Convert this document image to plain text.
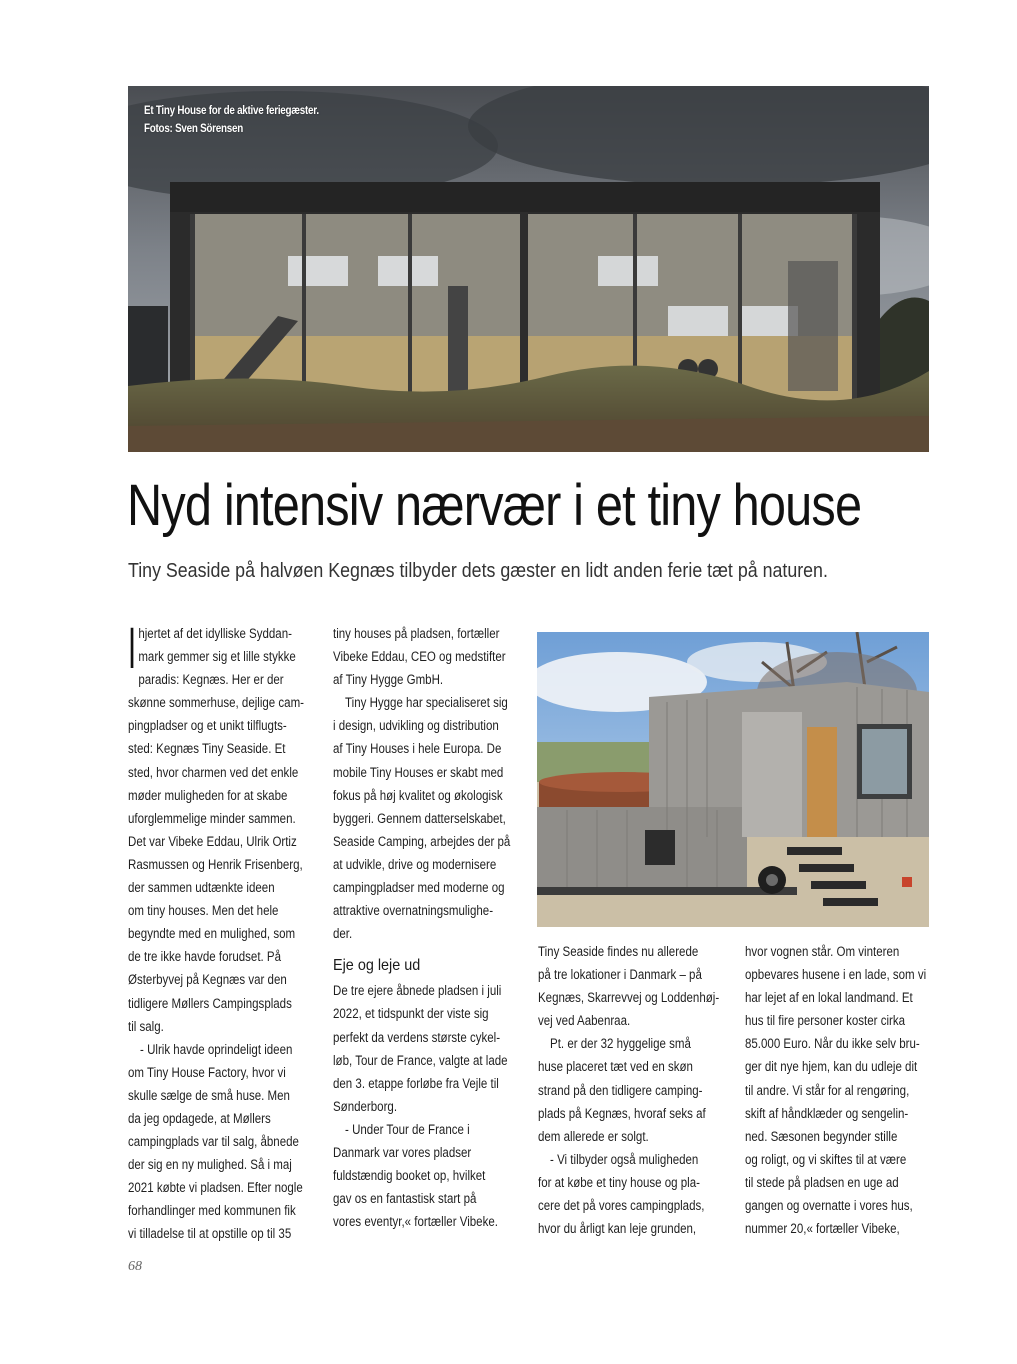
Et Tiny House for de aktive feriegæster.
Fotos: Sven Sörensen
Nyd intensiv nærvær i et tiny house

Tiny Seaside på halvøen Kegnæs tilbyder dets gæster en lidt anden ferie tæt på naturen.

I hjertet af det idylliske Syddan-
mark gemmer sig et lille stykke
paradis: Kegnæs. Her er der
skønne sommerhuse, dejlige cam-
pingpladser og et unikt tilflugts-
sted: Kegnæs Tiny Seaside. Et
sted, hvor charmen ved det enkle
møder muligheden for at skabe
uforglemmelige minder sammen.
Det var Vibeke Eddau, Ulrik Ortiz
Rasmussen og Henrik Frisenberg,
der sammen udtænkte ideen
om tiny houses. Men det hele
begyndte med en mulighed, som
de tre ikke havde forudset. På
Østerbyvej på Kegnæs var den
tidligere Møllers Campingsplads
til salg.
- Ulrik havde oprindeligt ideen
om Tiny House Factory, hvor vi
skulle sælge de små huse. Men
da jeg opdagede, at Møllers
campingplads var til salg, åbnede
der sig en ny mulighed. Så i maj
2021 købte vi pladsen. Efter nogle
forhandlinger med kommunen fik
vi tilladelse til at opstille op til 35
tiny houses på pladsen, fortæller
Vibeke Eddau, CEO og medstifter
af Tiny Hygge GmbH.
Tiny Hygge har specialiseret sig
i design, udvikling og distribution
af Tiny Houses i hele Europa. De
mobile Tiny Houses er skabt med
fokus på høj kvalitet og økologisk
byggeri. Gennem datterselskabet,
Seaside Camping, arbejdes der på
at udvikle, drive og modernisere
campingpladser med moderne og
attraktive overnatningsmulighe-
der.
Eje og leje ud
De tre ejere åbnede pladsen i juli
2022, et tidspunkt der viste sig
perfekt da verdens største cykel-
løb, Tour de France, valgte at lade
den 3. etappe forløbe fra Vejle til
Sønderborg.
- Under Tour de France i
Danmark var vores pladser
fuldstændig booket op, hvilket
gav os en fantastisk start på
vores eventyr,« fortæller Vibeke.
Tiny Seaside findes nu allerede
på tre lokationer i Danmark – på
Kegnæs, Skarrevvej og Loddenhøj-
vej ved Aabenraa.
Pt. er der 32 hyggelige små
huse placeret tæt ved en skøn
strand på den tidligere camping-
plads på Kegnæs, hvoraf seks af
dem allerede er solgt.
- Vi tilbyder også muligheden
for at købe et tiny house og pla-
cere det på vores campingplads,
hvor du årligt kan leje grunden,
hvor vognen står. Om vinteren
opbevares husene i en lade, som vi
har lejet af en lokal landmand. Et
hus til fire personer koster cirka
85.000 Euro. Når du ikke selv bru-
ger dit nye hjem, kan du udleje dit
til andre. Vi står for al rengøring,
skift af håndklæder og sengelin-
ned. Sæsonen begynder stille
og roligt, og vi skiftes til at være
til stede på pladsen en uge ad
gangen og overnatte i vores hus,
nummer 20,« fortæller Vibeke,
68
